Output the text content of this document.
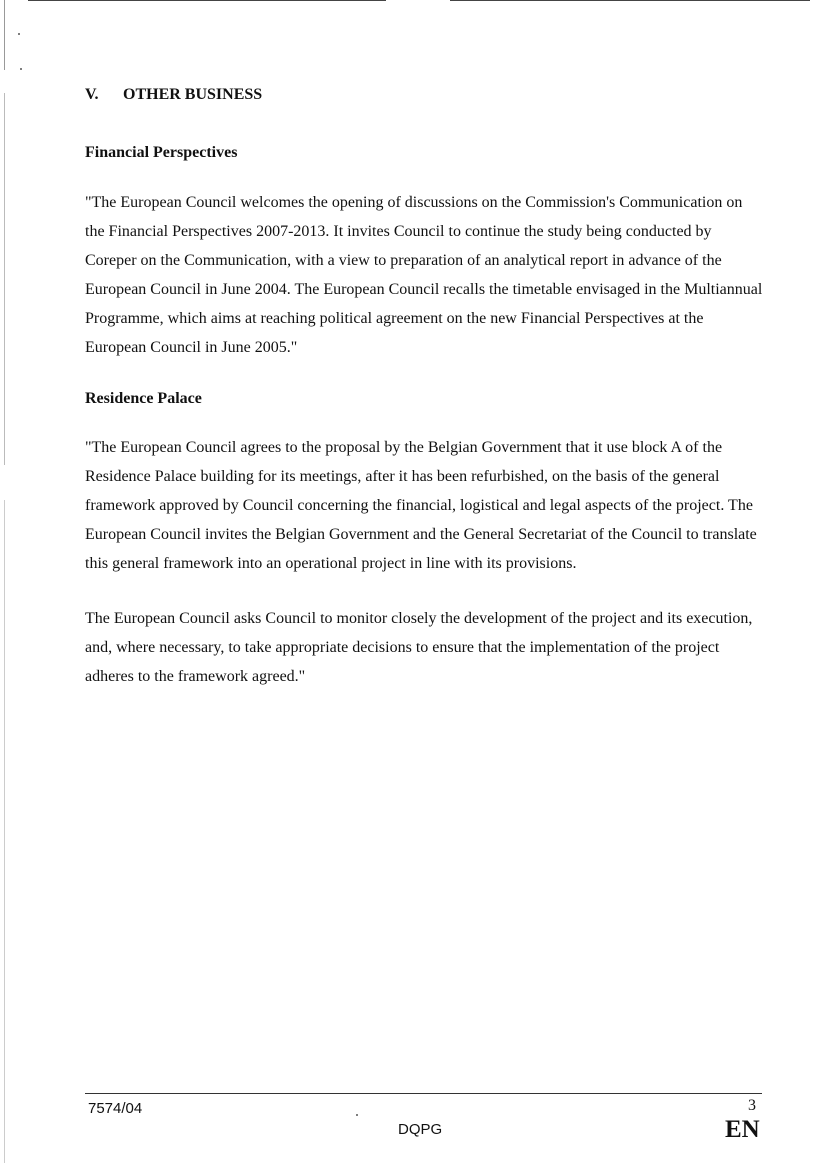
V.	OTHER BUSINESS
Financial Perspectives

"The European Council welcomes the opening of discussions on the Commission's Communication on the Financial Perspectives 2007-2013. It invites Council to continue the study being conducted by Coreper on the Communication, with a view to preparation of an analytical report in advance of the European Council in June 2004. The European Council recalls the timetable envisaged in the Multiannual Programme, which aims at reaching political agreement on the new Financial Perspectives at the European Council in June 2005."

Residence Palace

"The European Council agrees to the proposal by the Belgian Government that it use block A of the Residence Palace building for its meetings, after it has been refurbished, on the basis of the general framework approved by Council concerning the financial, logistical and legal aspects of the project. The European Council invites the Belgian Government and the General Secretariat of the Council to translate this general framework into an operational project in line with its provisions.

The European Council asks Council to monitor closely the development of the project and its execution, and, where necessary, to take appropriate decisions to ensure that the implementation of the project adheres to the framework agreed."

7574/04
DQPG
3
EN
